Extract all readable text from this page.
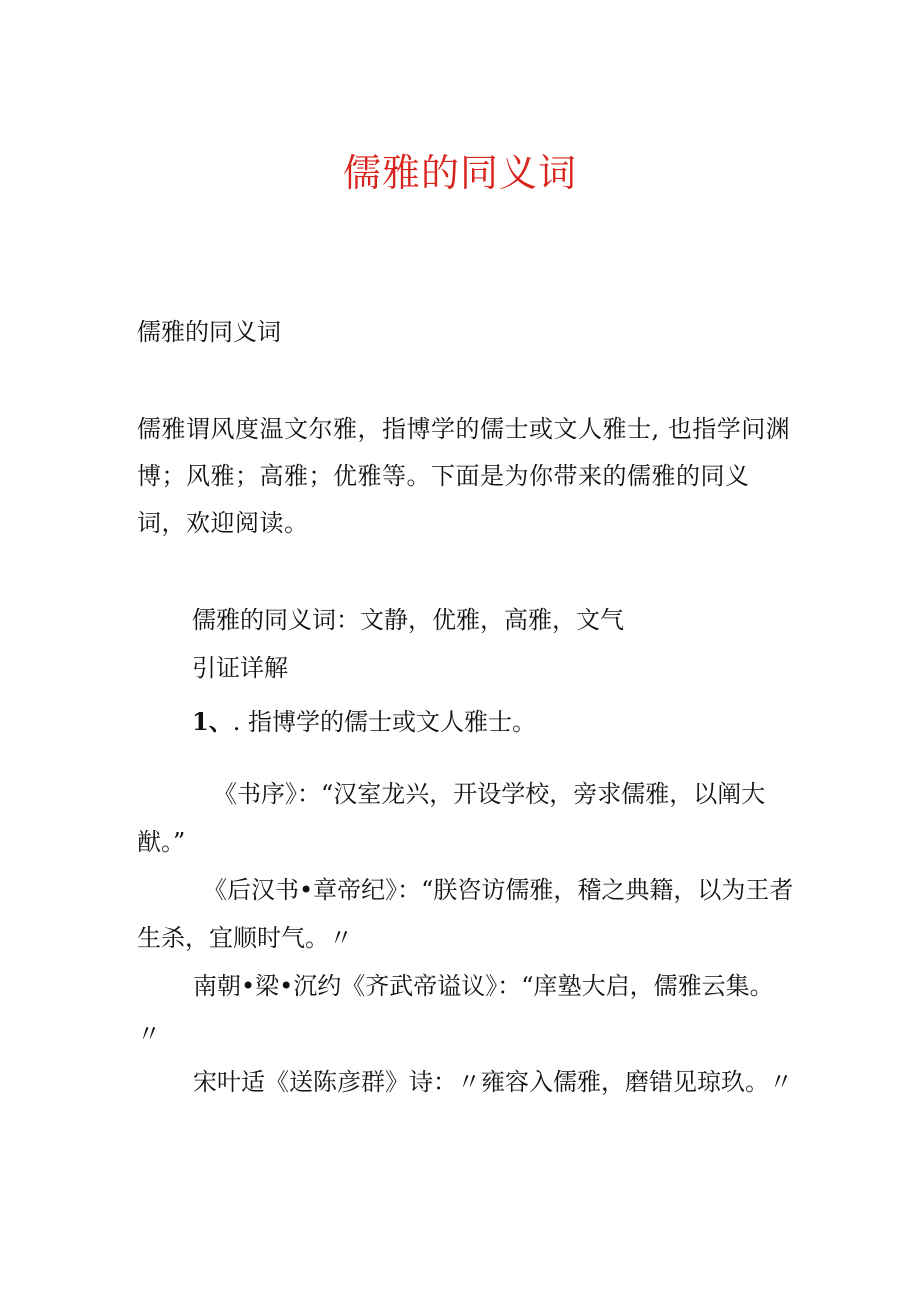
儒雅的同义词

儒雅的同义词

儒雅谓风度温文尔雅，指博学的儒士或文人雅士, 也指学问渊博；风雅；高雅；优雅等。下面是为你带来的儒雅的同义词，欢迎阅读。

儒雅的同义词：文静，优雅，高雅，文气

引证详解

1、. 指博学的儒士或文人雅士。

《书序》：“汉室龙兴，开设学校，旁求儒雅，以阐大猷。”

《后汉书•章帝纪》：“朕咨访儒雅，稽之典籍，以为王者生杀，宜顺时气。〃

南朝•梁•沉约《齐武帝谥议》：“庠塾大启，儒雅云集。〃

宋叶适《送陈彦群》诗：〃雍容入儒雅，磨错见琼玖。〃
